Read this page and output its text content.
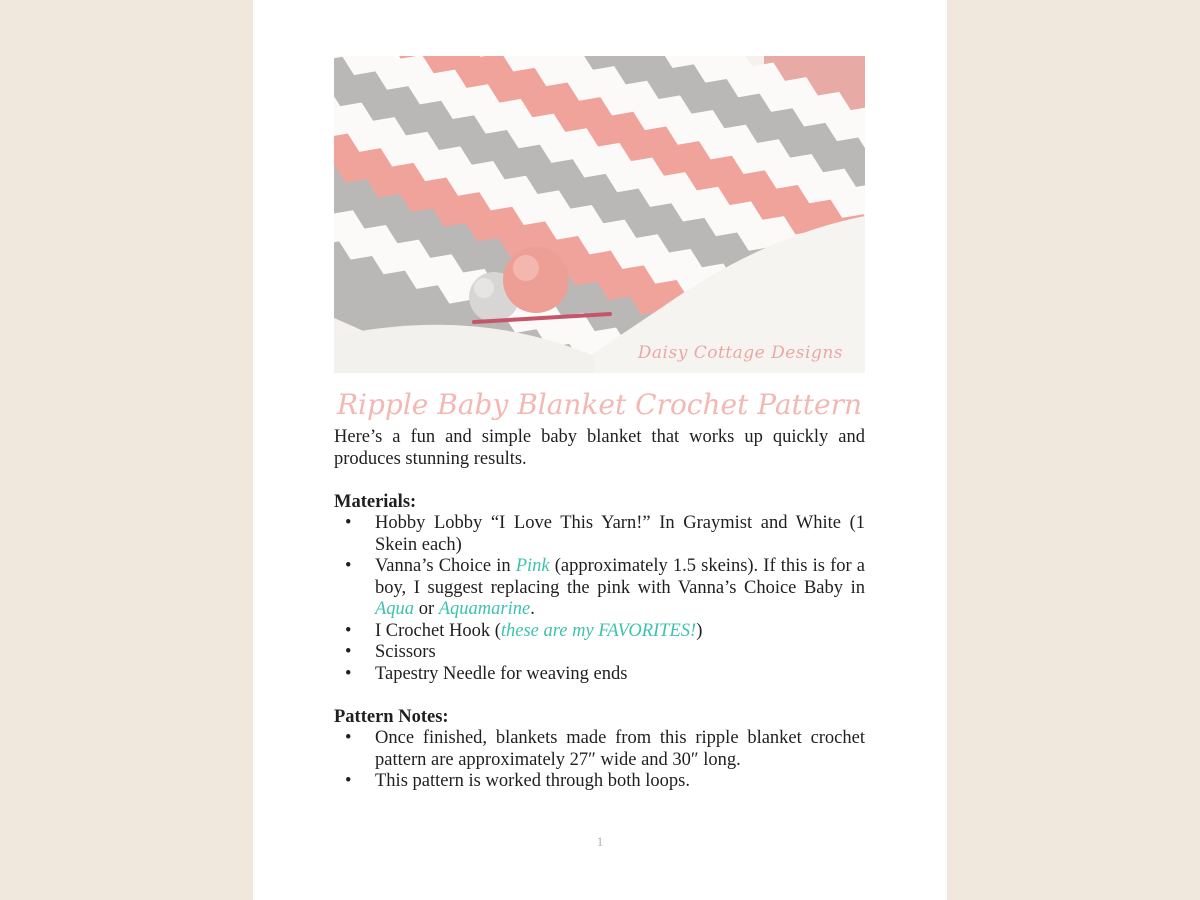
Daisy Cottage Designs
Ripple Baby Blanket Crochet Pattern

Here’s a fun and simple baby blanket that works up quickly and produces stunning results.

Materials:

• Hobby Lobby “I Love This Yarn!” In Graymist and White (1 Skein each)
• Vanna’s Choice in Pink (approximately 1.5 skeins). If this is for a boy, I suggest replacing the pink with Vanna’s Choice Baby in Aqua or Aquamarine.
• I Crochet Hook (these are my FAVORITES!)
• Scissors
• Tapestry Needle for weaving ends

Pattern Notes:

• Once finished, blankets made from this ripple blanket crochet pattern are approximately 27″ wide and 30″ long.
• This pattern is worked through both loops.
1
